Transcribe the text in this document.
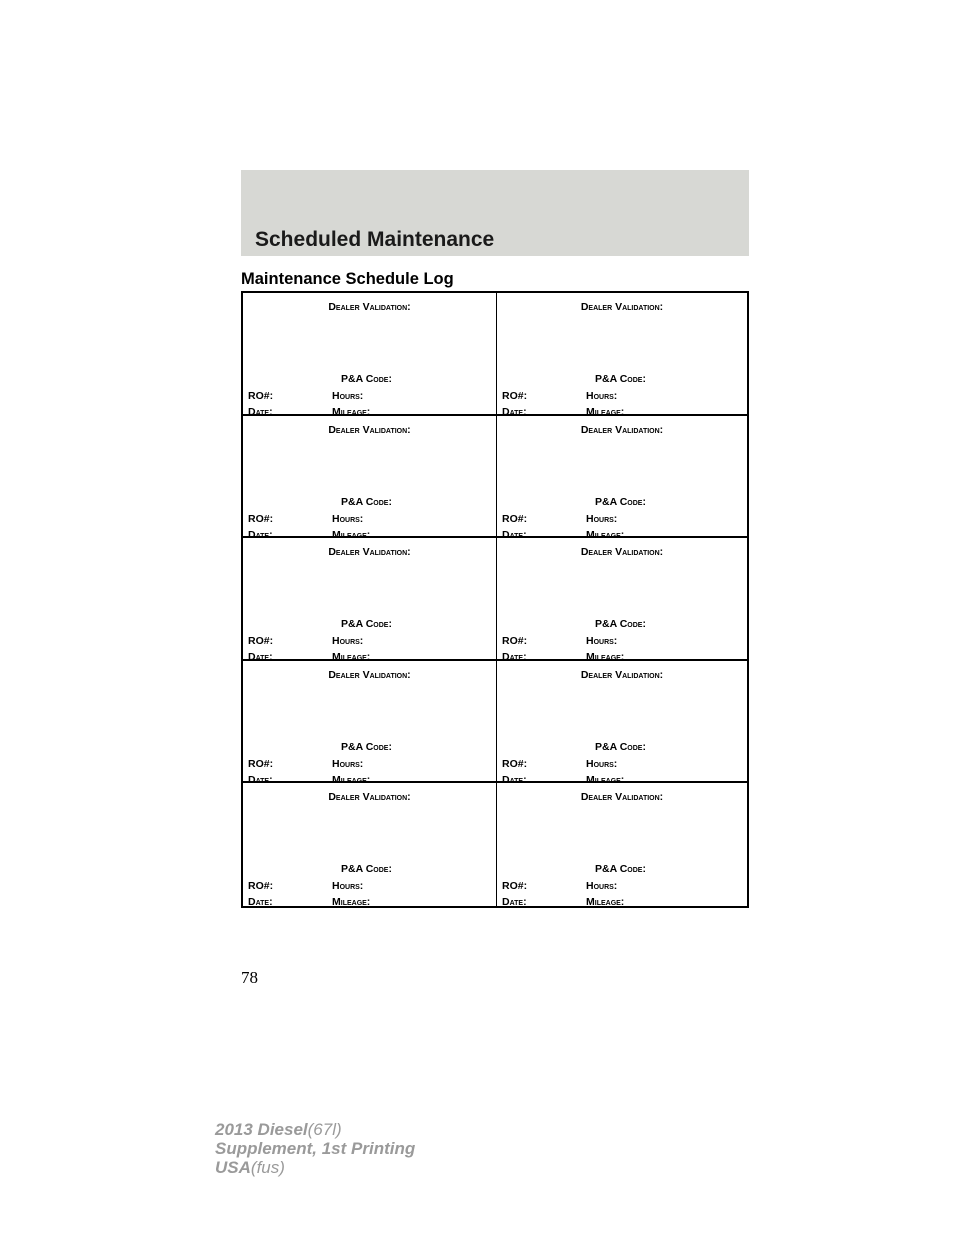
Scheduled Maintenance
Maintenance Schedule Log
Dealer Validation:
P&A Code:
RO#:	Hours:
Date:	Mileage:
Dealer Validation:
P&A Code:
RO#:	Hours:
Date:	Mileage:
Dealer Validation:
P&A Code:
RO#:	Hours:
Date:	Mileage:
Dealer Validation:
P&A Code:
RO#:	Hours:
Date:	Mileage:
Dealer Validation:
P&A Code:
RO#:	Hours:
Date:	Mileage:
Dealer Validation:
P&A Code:
RO#:	Hours:
Date:	Mileage:
Dealer Validation:
P&A Code:
RO#:	Hours:
Date:	Mileage:
Dealer Validation:
P&A Code:
RO#:	Hours:
Date:	Mileage:
Dealer Validation:
P&A Code:
RO#:	Hours:
Date:	Mileage:
Dealer Validation:
P&A Code:
RO#:	Hours:
Date:	Mileage:
78
2013 Diesel(67l)
Supplement, 1st Printing
USA(fus)
